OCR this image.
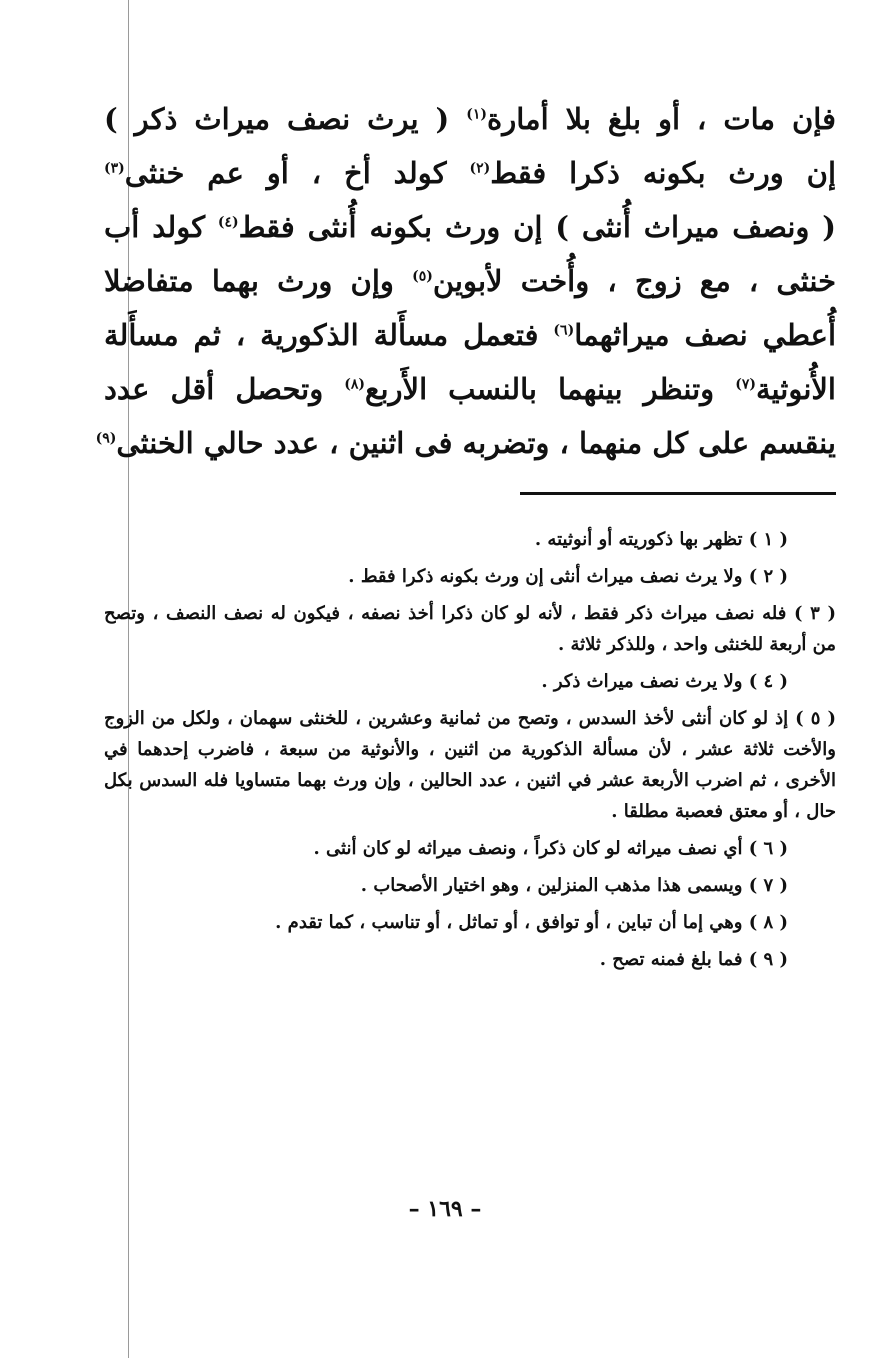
فإن مات ، أو بلغ بلا أمارة$^{(١)}$ ( يرث نصف ميراث ذكر )
إن ورث بكونه ذكرا فقط$^{(٢)}$ كولد أخ ، أو عم خنثى$^{(٣)}$
( ونصف ميراث أُنثى ) إن ورث بكونه أُنثى فقط$^{(٤)}$ كولد أب
خنثى ، مع زوج ، وأُخت لأبوين$^{(٥)}$ وإن ورث بهما متفاضلا
أُعطي نصف ميراثهما$^{(٦)}$ فتعمل مسأَلة الذكورية ، ثم مسأَلة
الأُنوثية$^{(٧)}$ وتنظر بينهما بالنسب الأَربع$^{(٨)}$ وتحصل أقل عدد
ينقسم على كل منهما ، وتضربه فى اثنين ، عدد حالي الخنثى$^{(٩)}$

( ١ ) تظهر بها ذكوريته أو أنوثيته .

( ٢ ) ولا يرث نصف ميراث أنثى إن ورث بكونه ذكرا فقط .

( ٣ ) فله نصف ميراث ذكر فقط ، لأنه لو كان ذكرا أخذ نصفه ، فيكون له نصف النصف ، وتصح من أربعة للخنثى واحد ، وللذكر ثلاثة .

( ٤ ) ولا يرث نصف ميراث ذكر .

( ٥ ) إذ لو كان أنثى لأخذ السدس ، وتصح من ثمانية وعشرين ، للخنثى سهمان ، ولكل من الزوج والأخت ثلاثة عشر ، لأن مسألة الذكورية من اثنين ، والأنوثية من سبعة ، فاضرب إحدهما في الأخرى ، ثم اضرب الأربعة عشر في اثنين ، عدد الحالين ، وإن ورث بهما متساويا فله السدس بكل حال ، أو معتق فعصبة مطلقا .

( ٦ ) أي نصف ميراثه لو كان ذكراً ، ونصف ميراثه لو كان أنثى .

( ٧ ) ويسمى هذا مذهب المنزلين ، وهو اختيار الأصحاب .

( ٨ ) وهي إما أن تباين ، أو توافق ، أو تماثل ، أو تناسب ، كما تقدم .

( ٩ ) فما بلغ فمنه تصح .

– ١٦٩ –
